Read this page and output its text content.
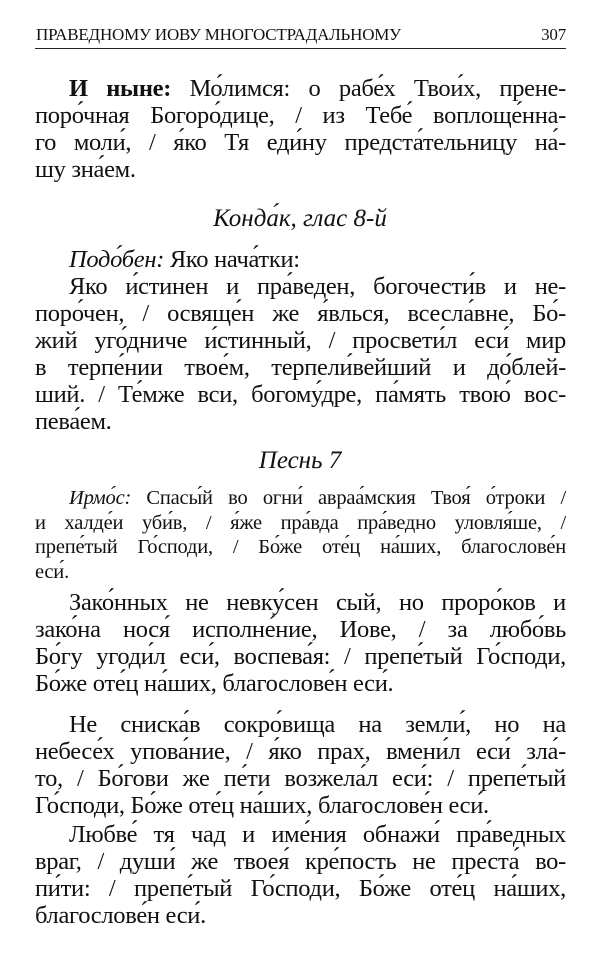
ПРАВЕДНОМУ ИОВУ МНОГОСТРАДАЛЬНОМУ	307
И ныне: Мо́лимся: о рабе́х Твои́х, прене-
поро́чная Богоро́дице, / из Тебе́ воплоще́нна-
го моли́, / я́ко Тя еди́ну предста́тельницу на́-
шу зна́ем.
Конда́к, глас 8-й
Подо́бен: Яко нача́тки:
Яко и́стинен и пра́веден, богочести́в и не-
поро́чен, / освяще́н же я́вльcя, всесла́вне, Бо́-
жий уго́дниче и́стинный, / просвети́л еси́ мир
в терпе́нии твое́м, терпели́вейший и до́блей-
ший. / Те́мже вси, богому́дре, па́мять твою́ вос-
пева́ем.
Песнь 7
Ирмо́с: Спасы́й во огни́ авраа́мския Твоя́ о́троки /
и халде́и уби́в, / я́же пра́вда пра́ведно уловля́ше, /
препе́тый Го́споди, / Бо́же оте́ц на́ших, благослове́н
еси́.
Зако́нных не невку́сен сый, но проро́ков и
зако́на нося́ исполне́ние, Иове, / за любо́вь
Бо́гу угоди́л еси́, воспева́я: / препе́тый Го́споди,
Бо́же оте́ц на́ших, благослове́н еси́.
Не сниска́в сокро́вища на земли́, но на
небесе́х упова́ние, / я́ко прах, вмени́л еси́ зла́-
то, / Бо́гови же пе́ти возжела́л еси́: / препе́тый
Го́споди, Бо́же оте́ц на́ших, благослове́н еси́.
Любве́ тя чад и име́ния обнажи́ пра́ведных
враг, / души́ же твоея́ кре́пость не преста́ во-
пи́ти: / препе́тый Го́споди, Бо́же оте́ц на́ших,
благослове́н еси́.
